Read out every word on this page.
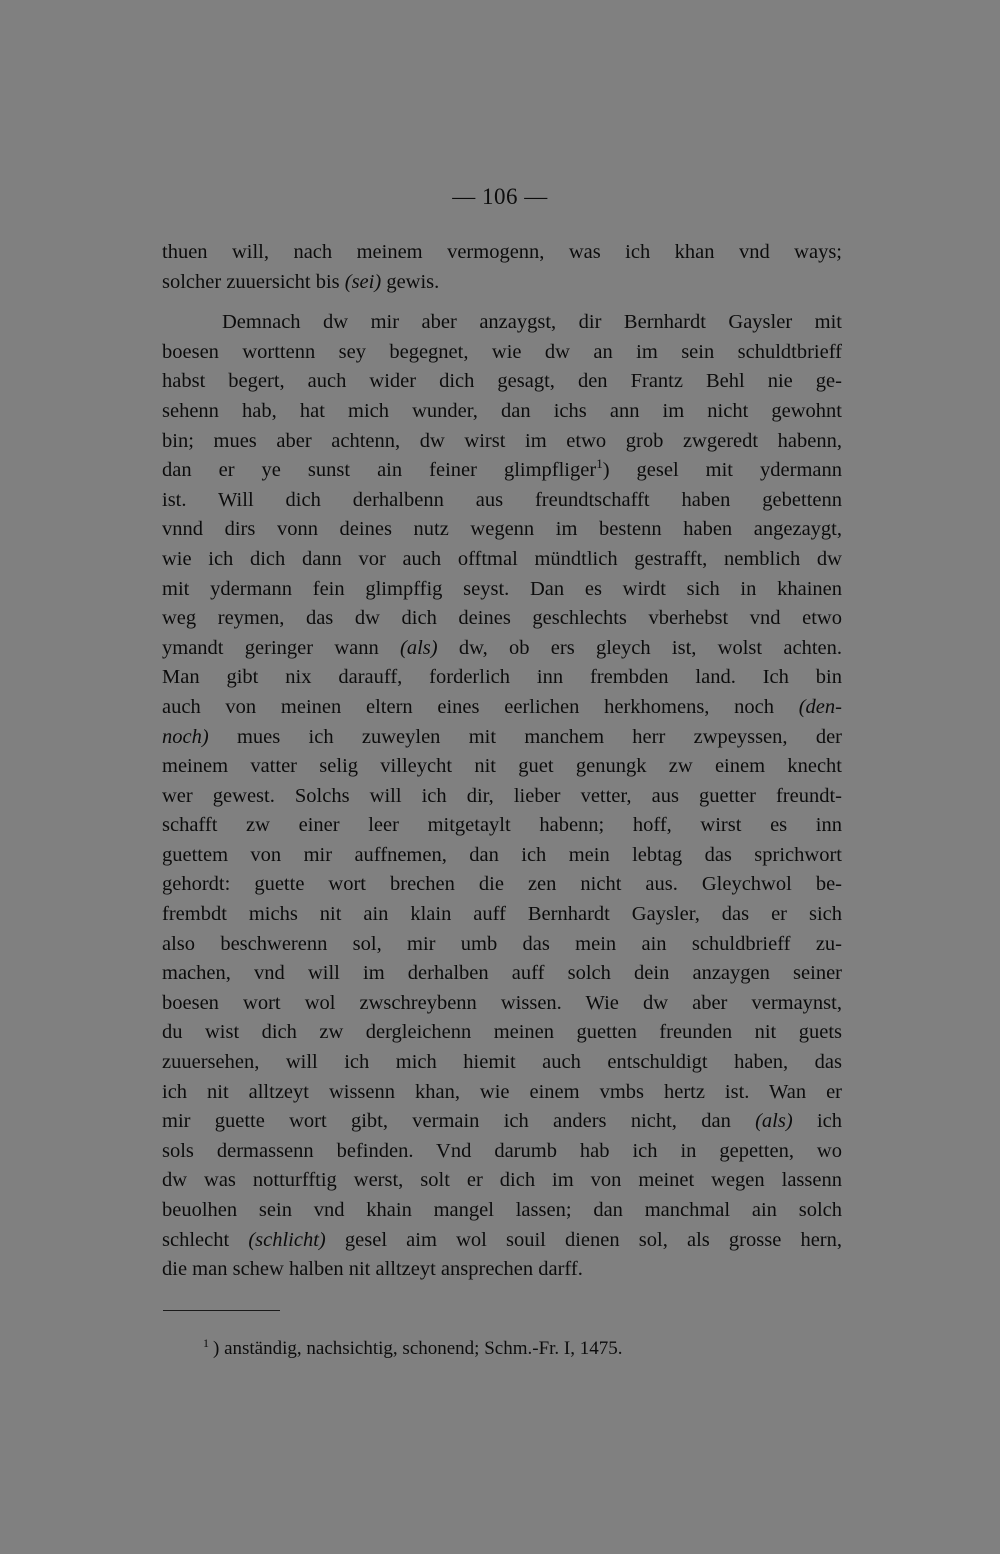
— 106 —
thuen will, nach meinem vermogenn, was ich khan vnd ways;
solcher zuuersicht bis (sei) gewis.
Demnach dw mir aber anzaygst, dir Bernhardt Gaysler mit
boesen worttenn sey begegnet, wie dw an im sein schuldtbrieff
habst begert, auch wider dich gesagt, den Frantz Behl nie ge-
sehenn hab, hat mich wunder, dan ichs ann im nicht gewohnt
bin; mues aber achtenn, dw wirst im etwo grob zwgeredt habenn,
dan er ye sunst ain feiner glimpfliger$^1$) gesel mit ydermann
ist. Will dich derhalbenn aus freundtschafft haben gebettenn
vnnd dirs vonn deines nutz wegenn im bestenn haben angezaygt,
wie ich dich dann vor auch offtmal mündtlich gestrafft, nemblich dw
mit ydermann fein glimpffig seyst. Dan es wirdt sich in khainen
weg reymen, das dw dich deines geschlechts vberhebst vnd etwo
ymandt geringer wann (als) dw, ob ers gleych ist, wolst achten.
Man gibt nix darauff, forderlich inn frembden land. Ich bin
auch von meinen eltern eines eerlichen herkhomens, noch (den-
noch) mues ich zuweylen mit manchem herr zwpeyssen, der
meinem vatter selig villeycht nit guet genungk zw einem knecht
wer gewest. Solchs will ich dir, lieber vetter, aus guetter freundt-
schafft zw einer leer mitgetaylt habenn; hoff, wirst es inn
guettem von mir auffnemen, dan ich mein lebtag das sprichwort
gehordt: guette wort brechen die zen nicht aus. Gleychwol be-
frembdt michs nit ain klain auff Bernhardt Gaysler, das er sich
also beschwerenn sol, mir umb das mein ain schuldbrieff zu-
machen, vnd will im derhalben auff solch dein anzaygen seiner
boesen wort wol zwschreybenn wissen. Wie dw aber vermaynst,
du wist dich zw dergleichenn meinen guetten freunden nit guets
zuuersehen, will ich mich hiemit auch entschuldigt haben, das
ich nit alltzeyt wissenn khan, wie einem vmbs hertz ist. Wan er
mir guette wort gibt, vermain ich anders nicht, dan (als) ich
sols dermassenn befinden. Vnd darumb hab ich in gepetten, wo
dw was notturfftig werst, solt er dich im von meinet wegen lassenn
beuolhen sein vnd khain mangel lassen; dan manchmal ain solch
schlecht (schlicht) gesel aim wol souil dienen sol, als grosse hern,
die man schew halben nit alltzeyt ansprechen darff.
$^1$ ) anständig, nachsichtig, schonend; Schm.-Fr. I, 1475.
